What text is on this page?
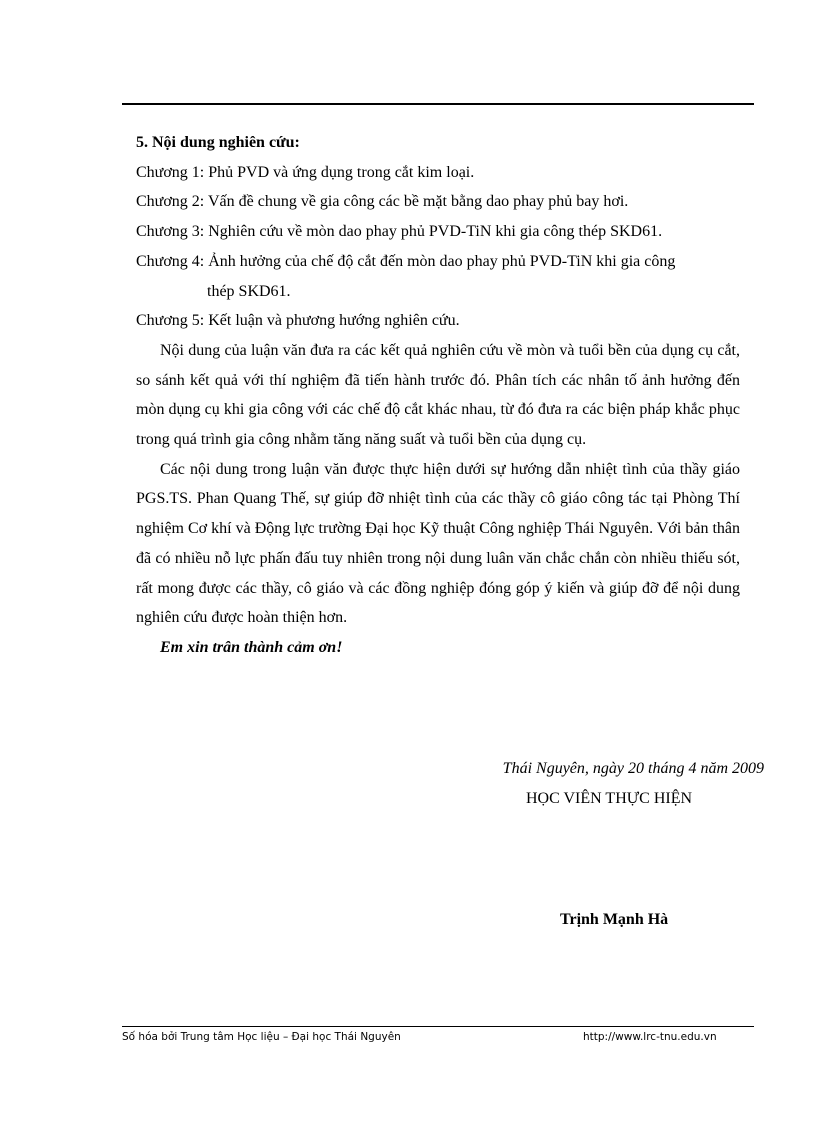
5. Nội dung nghiên cứu:

Chương 1: Phủ PVD và ứng dụng trong cắt kim loại.

Chương 2: Vấn đề chung về gia công các bề mặt bằng dao phay phủ bay hơi.

Chương 3: Nghiên cứu về mòn dao phay phủ PVD-TiN khi gia công thép SKD61.

Chương 4: Ảnh hưởng của chế độ cắt đến mòn dao phay phủ PVD-TiN khi gia công

thép SKD61.

Chương 5: Kết luận và phương hướng nghiên cứu.

Nội dung của luận văn đưa ra các kết quả nghiên cứu về mòn và tuổi bền của dụng cụ cắt, so sánh kết quả với thí nghiệm đã tiến hành trước đó. Phân tích các nhân tố ảnh hưởng đến mòn dụng cụ khi gia công với các chế độ cắt khác nhau, từ đó đưa ra các biện pháp khắc phục trong quá trình gia công nhằm tăng năng suất và tuổi bền của dụng cụ.

Các nội dung trong luận văn được thực hiện dưới sự hướng dẫn nhiệt tình của thầy giáo PGS.TS. Phan Quang Thế, sự giúp đỡ nhiệt tình của các thầy cô giáo công tác tại Phòng Thí nghiệm Cơ khí và Động lực trường Đại học Kỹ thuật Công nghiệp Thái Nguyên. Với bản thân đã có nhiều nỗ lực phấn đấu tuy nhiên trong nội dung luân văn chắc chắn còn nhiều thiếu sót, rất mong được các thầy, cô giáo và các đồng nghiệp đóng góp ý kiến và giúp đỡ để nội dung nghiên cứu được hoàn thiện hơn.

Em xin trân thành cảm ơn!

Thái Nguyên, ngày 20 tháng 4 năm 2009
HỌC VIÊN THỰC HIỆN
Trịnh Mạnh Hà
Số hóa bởi Trung tâm Học liệu – Đại học Thái Nguyên	http://www.lrc-tnu.edu.vn
